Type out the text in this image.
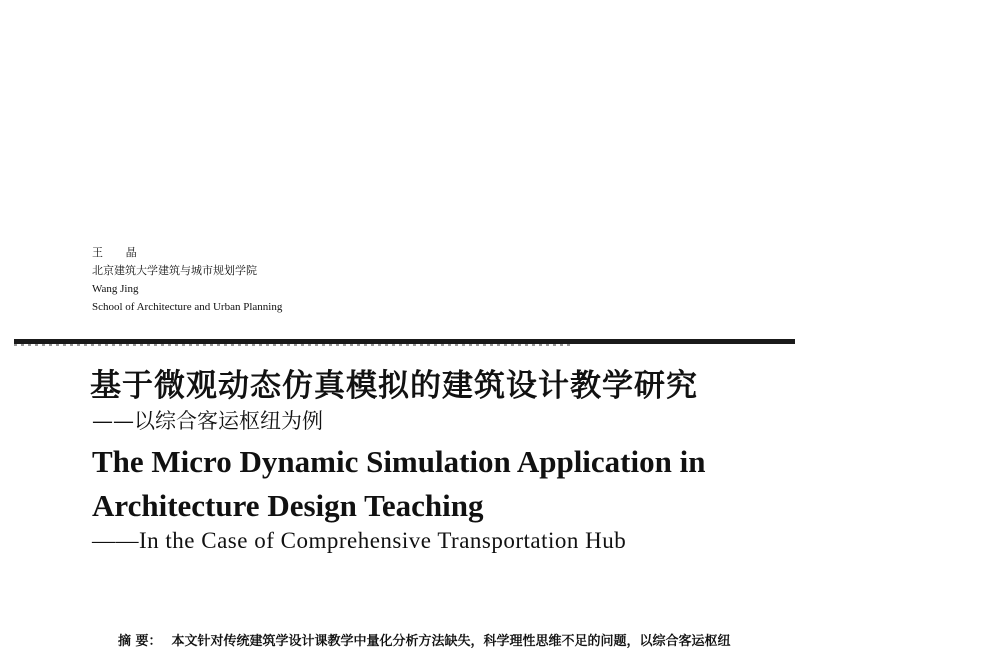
王 晶
北京建筑大学建筑与城市规划学院
Wang Jing
School of Architecture and Urban Planning
基于微观动态仿真模拟的建筑设计教学研究
——以综合客运枢纽为例
The Micro Dynamic Simulation Application in
Architecture Design Teaching
——In the Case of Comprehensive Transportation Hub
摘 要： 本文针对传统建筑学设计课教学中量化分析方法缺失，科学理性思维不足的问题，以综合客运枢纽
